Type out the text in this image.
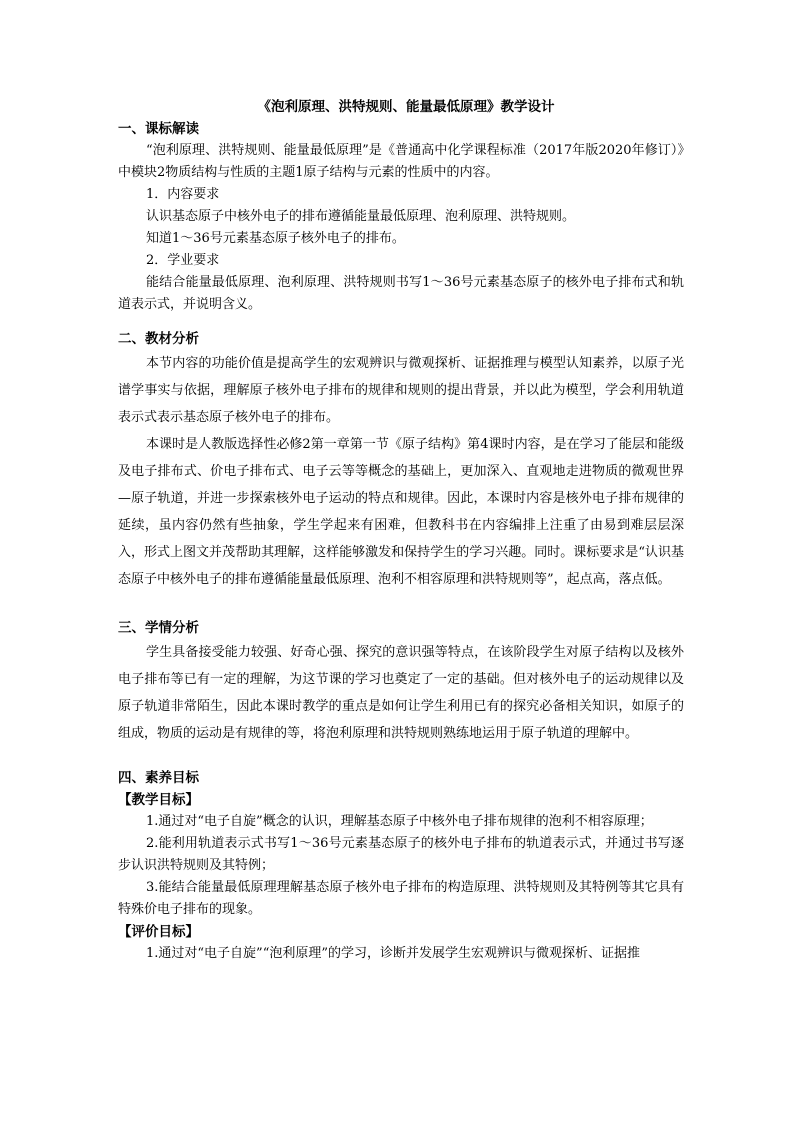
《泡利原理、洪特规则、能量最低原理》教学设计

一、课标解读

“泡利原理、洪特规则、能量最低原理”是《普通高中化学课程标准（2017年版2020年修订）》中模块2物质结构与性质的主题1原子结构与元素的性质中的内容。

1．内容要求

认识基态原子中核外电子的排布遵循能量最低原理、泡利原理、洪特规则。

知道1～36号元素基态原子核外电子的排布。

2．学业要求

能结合能量最低原理、泡利原理、洪特规则书写1～36号元素基态原子的核外电子排布式和轨道表示式，并说明含义。

二、教材分析

本节内容的功能价值是提高学生的宏观辨识与微观探析、证据推理与模型认知素养，以原子光谱学事实与依据，理解原子核外电子排布的规律和规则的提出背景，并以此为模型，学会利用轨道表示式表示基态原子核外电子的排布。

本课时是人教版选择性必修2第一章第一节《原子结构》第4课时内容，是在学习了能层和能级及电子排布式、价电子排布式、电子云等等概念的基础上，更加深入、直观地走进物质的微观世界—原子轨道，并进一步探索核外电子运动的特点和规律。因此，本课时内容是核外电子排布规律的延续，虽内容仍然有些抽象，学生学起来有困难，但教科书在内容编排上注重了由易到难层层深入，形式上图文并茂帮助其理解，这样能够激发和保持学生的学习兴趣。同时。课标要求是“认识基态原子中核外电子的排布遵循能量最低原理、泡利不相容原理和洪特规则等”，起点高，落点低。

三、学情分析

学生具备接受能力较强、好奇心强、探究的意识强等特点，在该阶段学生对原子结构以及核外电子排布等已有一定的理解，为这节课的学习也奠定了一定的基础。但对核外电子的运动规律以及原子轨道非常陌生，因此本课时教学的重点是如何让学生利用已有的探究必备相关知识，如原子的组成，物质的运动是有规律的等，将泡利原理和洪特规则熟练地运用于原子轨道的理解中。

四、素养目标

【教学目标】

1.通过对“电子自旋”概念的认识，理解基态原子中核外电子排布规律的泡利不相容原理；

2.能利用轨道表示式书写1～36号元素基态原子的核外电子排布的轨道表示式，并通过书写逐步认识洪特规则及其特例；

3.能结合能量最低原理理解基态原子核外电子排布的构造原理、洪特规则及其特例等其它具有特殊价电子排布的现象。

【评价目标】

1.通过对“电子自旋”“泡利原理”的学习，诊断并发展学生宏观辨识与微观探析、证据推
